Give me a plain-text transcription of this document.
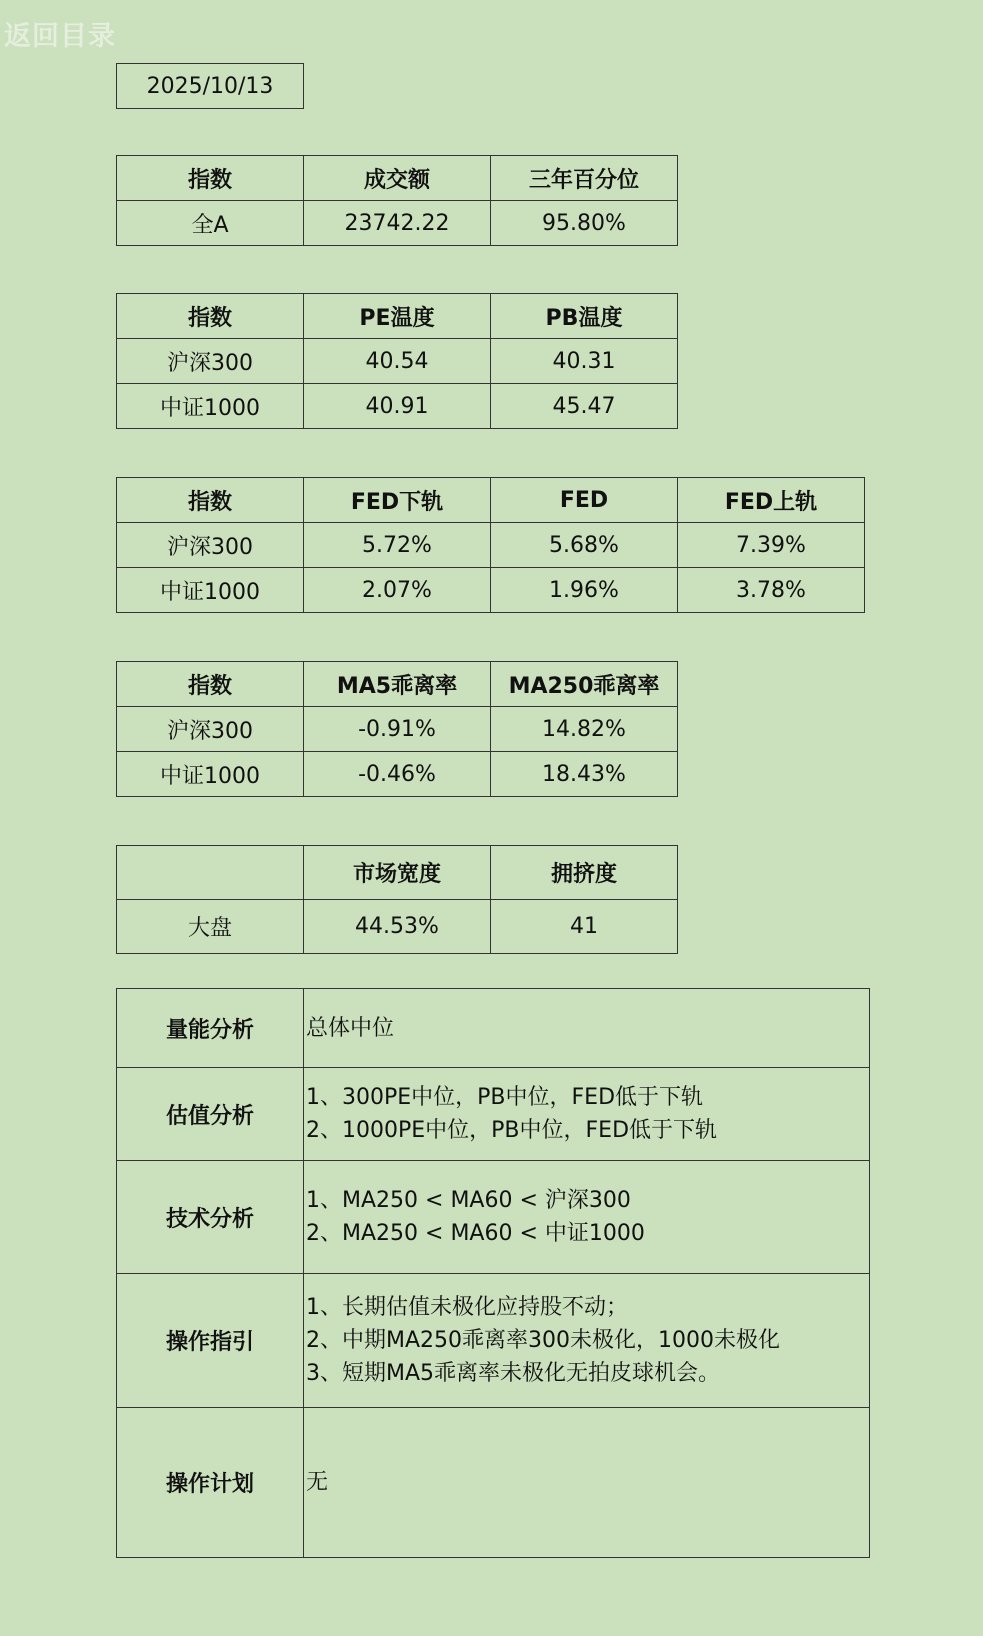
返回目录
2025/10/13
指数	成交额	三年百分位
全A	23742.22	95.80%
指数	PE温度	PB温度
沪深300	40.54	40.31
中证1000	40.91	45.47
指数	FED下轨	FED	FED上轨
沪深300	5.72%	5.68%	7.39%
中证1000	2.07%	1.96%	3.78%
指数	MA5乖离率	MA250乖离率
沪深300	-0.91%	14.82%
中证1000	-0.46%	18.43%
	市场宽度	拥挤度
大盘	44.53%	41
量能分析	总体中位

估值分析	1、300PE中位，PB中位，FED低于下轨
2、1000PE中位，PB中位，FED低于下轨

技术分析	1、MA250 < MA60 < 沪深300
2、MA250 < MA60 < 中证1000

操作指引	1、长期估值未极化应持股不动；
2、中期MA250乖离率300未极化，1000未极化
3、短期MA5乖离率未极化无拍皮球机会。

操作计划	无
